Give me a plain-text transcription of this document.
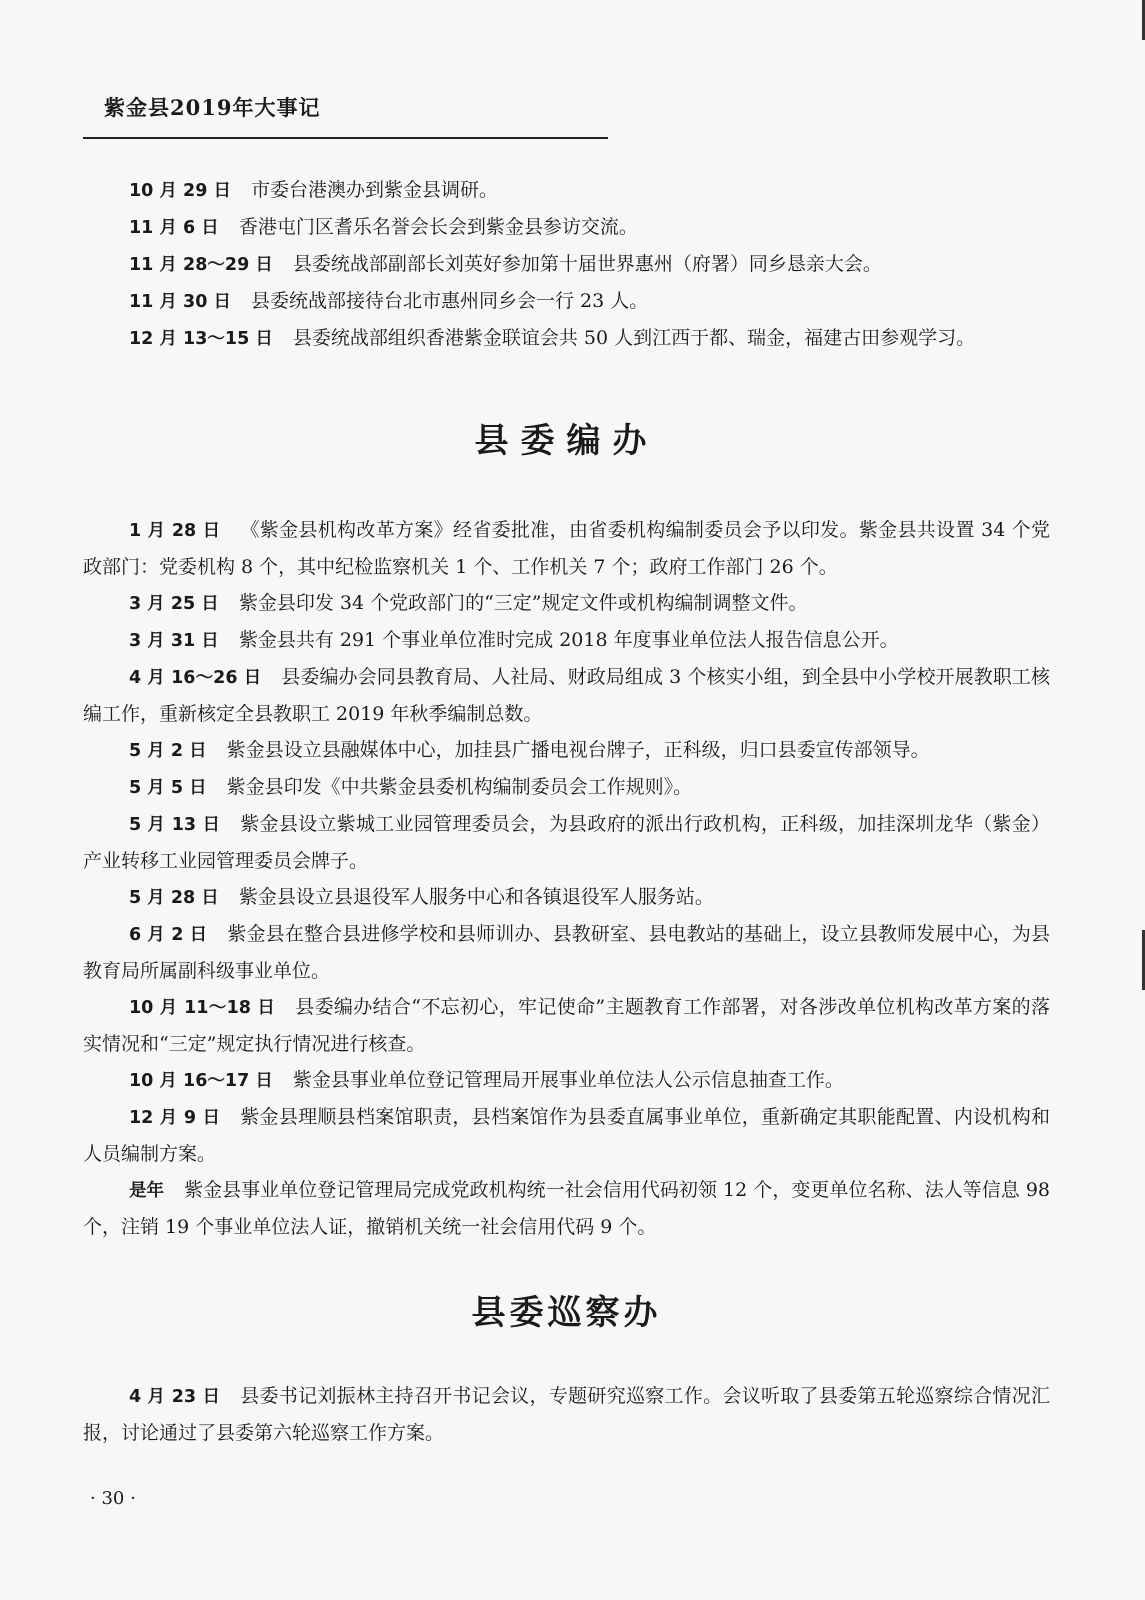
紫金县2019年大事记

10 月 29 日 市委台港澳办到紫金县调研。

11 月 6 日 香港屯门区耆乐名誉会长会到紫金县参访交流。

11 月 28～29 日 县委统战部副部长刘英好参加第十届世界惠州（府署）同乡恳亲大会。

11 月 30 日 县委统战部接待台北市惠州同乡会一行 23 人。

12 月 13～15 日 县委统战部组织香港紫金联谊会共 50 人到江西于都、瑞金，福建古田参观学习。

县委编办

1 月 28 日 《紫金县机构改革方案》经省委批准，由省委机构编制委员会予以印发。紫金县共设置 34 个党政部门：党委机构 8 个，其中纪检监察机关 1 个、工作机关 7 个；政府工作部门 26 个。

3 月 25 日 紫金县印发 34 个党政部门的“三定”规定文件或机构编制调整文件。

3 月 31 日 紫金县共有 291 个事业单位准时完成 2018 年度事业单位法人报告信息公开。

4 月 16～26 日 县委编办会同县教育局、人社局、财政局组成 3 个核实小组，到全县中小学校开展教职工核编工作，重新核定全县教职工 2019 年秋季编制总数。

5 月 2 日 紫金县设立县融媒体中心，加挂县广播电视台牌子，正科级，归口县委宣传部领导。

5 月 5 日 紫金县印发《中共紫金县委机构编制委员会工作规则》。

5 月 13 日 紫金县设立紫城工业园管理委员会，为县政府的派出行政机构，正科级，加挂深圳龙华（紫金）产业转移工业园管理委员会牌子。

5 月 28 日 紫金县设立县退役军人服务中心和各镇退役军人服务站。

6 月 2 日 紫金县在整合县进修学校和县师训办、县教研室、县电教站的基础上，设立县教师发展中心，为县教育局所属副科级事业单位。

10 月 11～18 日 县委编办结合“不忘初心，牢记使命”主题教育工作部署，对各涉改单位机构改革方案的落实情况和“三定”规定执行情况进行核查。

10 月 16～17 日 紫金县事业单位登记管理局开展事业单位法人公示信息抽查工作。

12 月 9 日 紫金县理顺县档案馆职责，县档案馆作为县委直属事业单位，重新确定其职能配置、内设机构和人员编制方案。

是年 紫金县事业单位登记管理局完成党政机构统一社会信用代码初领 12 个，变更单位名称、法人等信息 98 个，注销 19 个事业单位法人证，撤销机关统一社会信用代码 9 个。

县委巡察办

4 月 23 日 县委书记刘振林主持召开书记会议，专题研究巡察工作。会议听取了县委第五轮巡察综合情况汇报，讨论通过了县委第六轮巡察工作方案。

· 30 ·
